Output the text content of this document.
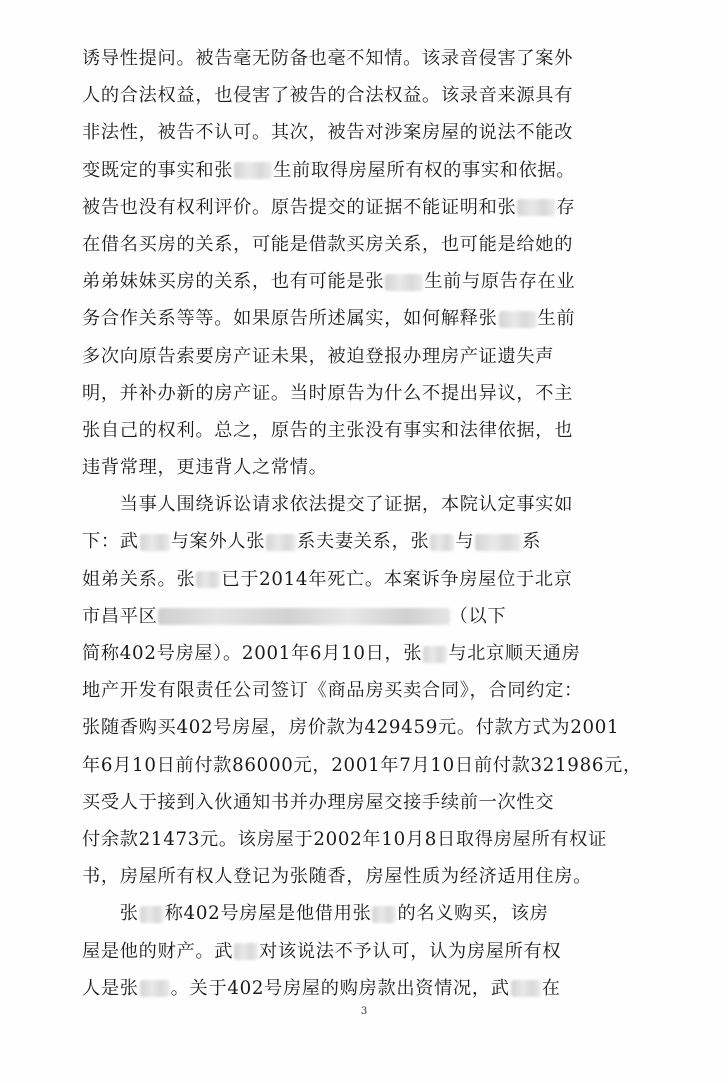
诱导性提问。被告毫无防备也毫不知情。该录音侵害了案外
人的合法权益，也侵害了被告的合法权益。该录音来源具有
非法性，被告不认可。其次，被告对涉案房屋的说法不能改
变既定的事实和张 生前取得房屋所有权的事实和依据。
被告也没有权利评价。原告提交的证据不能证明和张 存
在借名买房的关系，可能是借款买房关系，也可能是给她的
弟弟妹妹买房的关系，也有可能是张 生前与原告存在业
务合作关系等等。如果原告所述属实，如何解释张 生前
多次向原告索要房产证未果，被迫登报办理房产证遗失声
明，并补办新的房产证。当时原告为什么不提出异议，不主
张自己的权利。总之，原告的主张没有事实和法律依据，也
违背常理，更违背人之常情。
　　当事人围绕诉讼请求依法提交了证据，本院认定事实如
下：武 与案外人张 系夫妻关系，张 与	系
姐弟关系。张 已于2014年死亡。本案诉争房屋位于北京
市昌平区	（以下
简称402号房屋）。2001年6月10日，张 与北京顺天通房
地产开发有限责任公司签订《商品房买卖合同》，合同约定：
张随香购买402号房屋，房价款为429459元。付款方式为2001
年6月10日前付款86000元，2001年7月10日前付款321986元，
买受人于接到入伙通知书并办理房屋交接手续前一次性交
付余款21473元。该房屋于2002年10月8日取得房屋所有权证
书，房屋所有权人登记为张随香，房屋性质为经济适用住房。
　　张 称402号房屋是他借用张 的名义购买，该房
屋是他的财产。武 对该说法不予认可，认为房屋所有权
人是张 。关于402号房屋的购房款出资情况，武 在
3
